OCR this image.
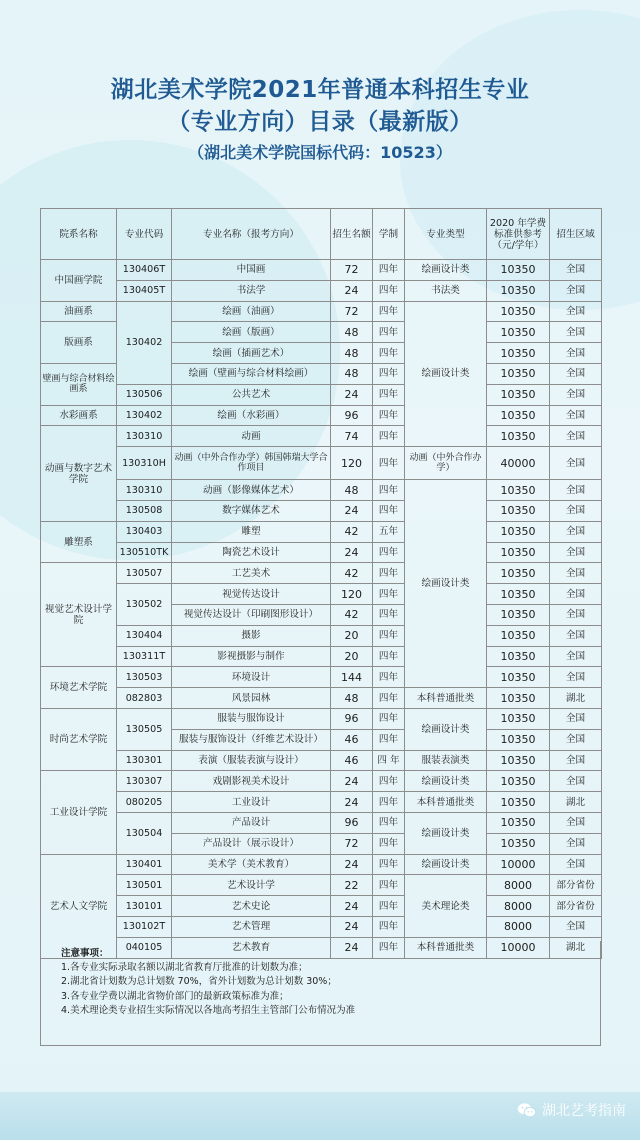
湖北美术学院2021年普通本科招生专业
（专业方向）目录（最新版）
（湖北美术学院国标代码：10523）
院系名称	专业代码	专业名称（报考方向）	招生名额	学制	专业类型	2020 年学费标准供参考（元/学年）	招生区域
中国画学院	130406T	中国画	72	四年	绘画设计类	10350	全国
	130405T	书法学	24	四年	书法类	10350	全国
油画系	130402	绘画（油画）	72	四年	绘画设计类	10350	全国
版画系		绘画（版画）	48	四年		10350	全国
		绘画（插画艺术）	48	四年		10350	全国
壁画与综合材料绘画系		绘画（壁画与综合材料绘画）	48	四年		10350	全国
	130506	公共艺术	24	四年		10350	全国
水彩画系	130402	绘画（水彩画）	96	四年		10350	全国
动画与数字艺术学院	130310	动画	74	四年		10350	全国
	130310H	动画（中外合作办学）韩国韩瑞大学合作项目	120	四年	动画（中外合作办学）	40000	全国
	130310	动画（影像媒体艺术）	48	四年	绘画设计类	10350	全国
	130508	数字媒体艺术	24	四年		10350	全国
雕塑系	130403	雕塑	42	五年		10350	全国
	130510TK	陶瓷艺术设计	24	四年		10350	全国
视觉艺术设计学院	130507	工艺美术	42	四年		10350	全国
	130502	视觉传达设计	120	四年		10350	全国
		视觉传达设计（印刷图形设计）	42	四年		10350	全国
	130404	摄影	20	四年		10350	全国
	130311T	影视摄影与制作	20	四年		10350	全国
环境艺术学院	130503	环境设计	144	四年		10350	全国
	082803	风景园林	48	四年	本科普通批类	10350	湖北
时尚艺术学院	130505	服装与服饰设计	96	四年	绘画设计类	10350	全国
		服装与服饰设计（纤维艺术设计）	46	四年		10350	全国
	130301	表演（服装表演与设计）	46	四 年	服装表演类	10350	全国
工业设计学院	130307	戏剧影视美术设计	24	四年	绘画设计类	10350	全国
	080205	工业设计	24	四年	本科普通批类	10350	湖北
	130504	产品设计	96	四年	绘画设计类	10350	全国
		产品设计（展示设计）	72	四年		10350	全国
艺术人文学院	130401	美术学（美术教育）	24	四年	绘画设计类	10000	全国
	130501	艺术设计学	22	四年	美术理论类	8000	部分省份
	130101	艺术史论	24	四年		8000	部分省份
	130102T	艺术管理	24	四年		8000	全国
	040105	艺术教育	24	四年	本科普通批类	10000	湖北
注意事项：
1.各专业实际录取名额以湖北省教育厅批准的计划数为准；
2.湖北省计划数为总计划数 70%，省外计划数为总计划数 30%；
3.各专业学费以湖北省物价部门的最新政策标准为准；
4.美术理论类专业招生实际情况以各地高考招生主管部门公布情况为准
湖北艺考指南
